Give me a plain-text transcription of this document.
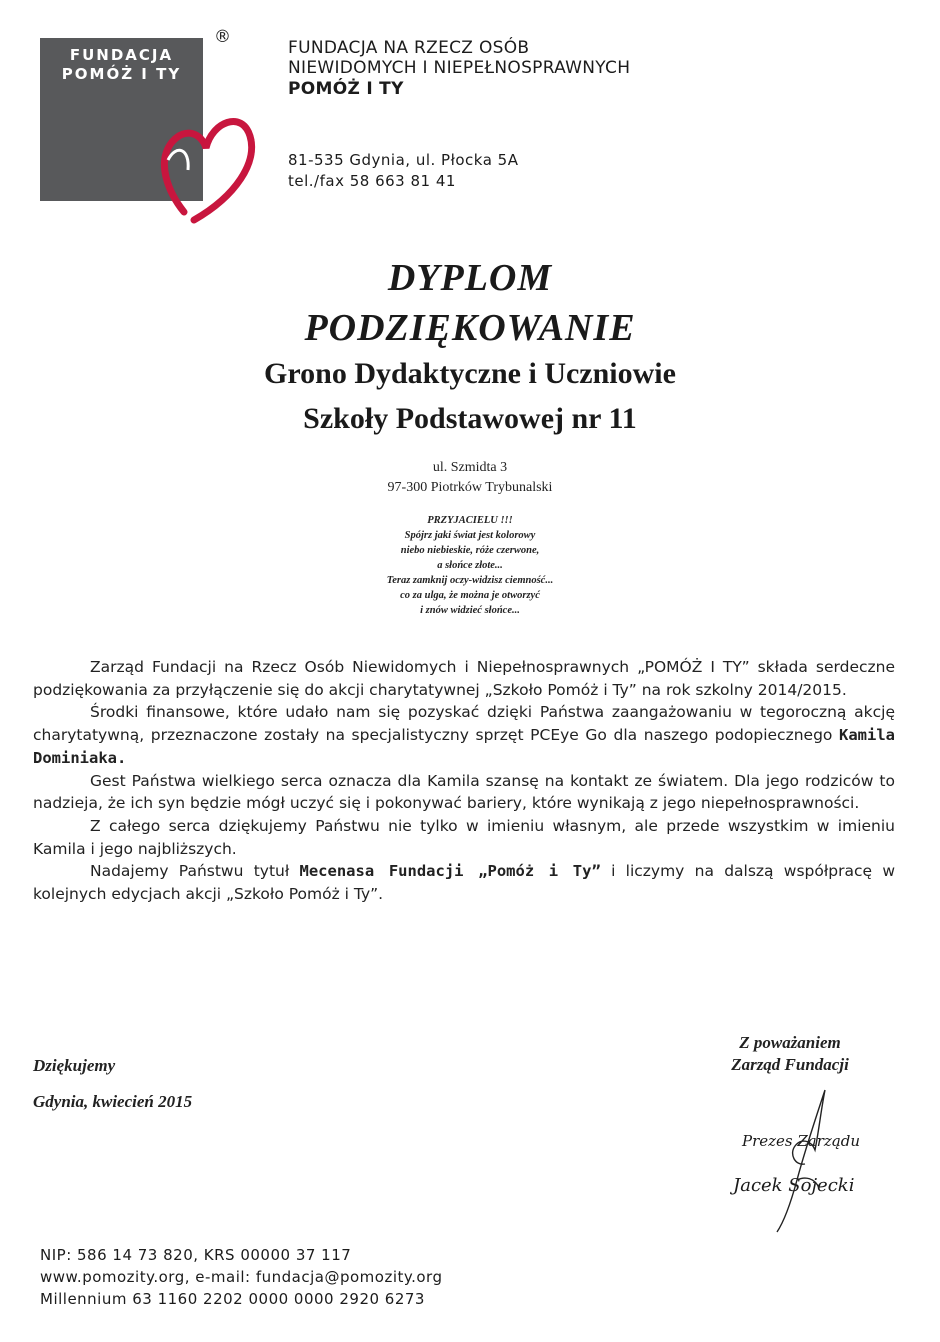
FUNDACJA
POMÓŻ I TY
®
FUNDACJA NA RZECZ OSÓB
NIEWIDOMYCH I NIEPEŁNOSPRAWNYCH
POMÓŻ I TY
81-535 Gdynia, ul. Płocka 5A
tel./fax 58 663 81 41
DYPLOM
PODZIĘKOWANIE
Grono Dydaktyczne i Uczniowie
Szkoły Podstawowej nr 11
ul. Szmidta 3
97-300 Piotrków Trybunalski
PRZYJACIELU !!!
Spójrz jaki świat jest kolorowy
niebo niebieskie, róże czerwone,
a słońce złote...
Teraz zamknij oczy-widzisz ciemność...
co za ulga, że można je otworzyć
i znów widzieć słońce...

Zarząd Fundacji na Rzecz Osób Niewidomych i Niepełnosprawnych „POMÓŻ I TY” składa serdeczne podziękowania za przyłączenie się do akcji charytatywnej „Szkoło Pomóż i Ty” na rok szkolny 2014/2015.

Środki finansowe, które udało nam się pozyskać dzięki Państwa zaangażowaniu w tegoroczną akcję charytatywną, przeznaczone zostały na specjalistyczny sprzęt PCEye Go dla naszego podopiecznego Kamila Dominiaka.

Gest Państwa wielkiego serca oznacza dla Kamila szansę na kontakt ze światem. Dla jego rodziców to nadzieja, że ich syn będzie mógł uczyć się i pokonywać bariery, które wynikają z jego niepełnosprawności.

Z całego serca dziękujemy Państwu nie tylko w imieniu własnym, ale przede wszystkim w imieniu Kamila i jego najbliższych.

Nadajemy Państwu tytuł Mecenasa Fundacji „Pomóż i Ty” i liczymy na dalszą współpracę w kolejnych edycjach akcji „Szkoło Pomóż i Ty”.

Dziękujemy
Gdynia, kwiecień 2015
Z poważaniem
Zarząd Fundacji
Prezes Zarządu
Jacek Sojecki
NIP: 586 14 73 820, KRS 00000 37 117
www.pomozity.org, e-mail: fundacja@pomozity.org
Millennium 63 1160 2202 0000 0000 2920 6273
